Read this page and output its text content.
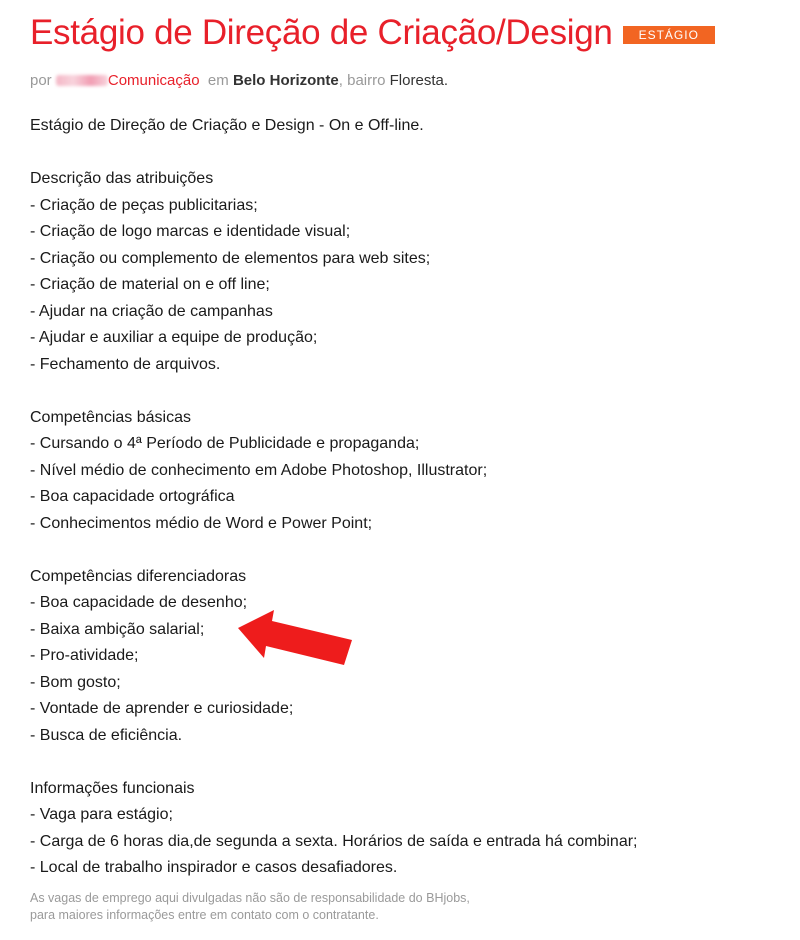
Estágio de Direção de Criação/Design	ESTÁGIO
por	Comunicação em Belo Horizonte, bairro Floresta.
Estágio de Direção de Criação e Design - On e Off-line.
Descrição das atribuições
- Criação de peças publicitarias;
- Criação de logo marcas e identidade visual;
- Criação ou complemento de elementos para web sites;
- Criação de material on e off line;
- Ajudar na criação de campanhas
- Ajudar e auxiliar a equipe de produção;
- Fechamento de arquivos.
Competências básicas
- Cursando o 4ª Período de Publicidade e propaganda;
- Nível médio de conhecimento em Adobe Photoshop, Illustrator;
- Boa capacidade ortográfica
- Conhecimentos médio de Word e Power Point;
Competências diferenciadoras
- Boa capacidade de desenho;
- Baixa ambição salarial;
- Pro-atividade;
- Bom gosto;
- Vontade de aprender e curiosidade;
- Busca de eficiência.
Informações funcionais
- Vaga para estágio;
- Carga de 6 horas dia,de segunda a sexta. Horários de saída e entrada há combinar;
- Local de trabalho inspirador e casos desafiadores.
As vagas de emprego aqui divulgadas não são de responsabilidade do BHjobs,
para maiores informações entre em contato com o contratante.
